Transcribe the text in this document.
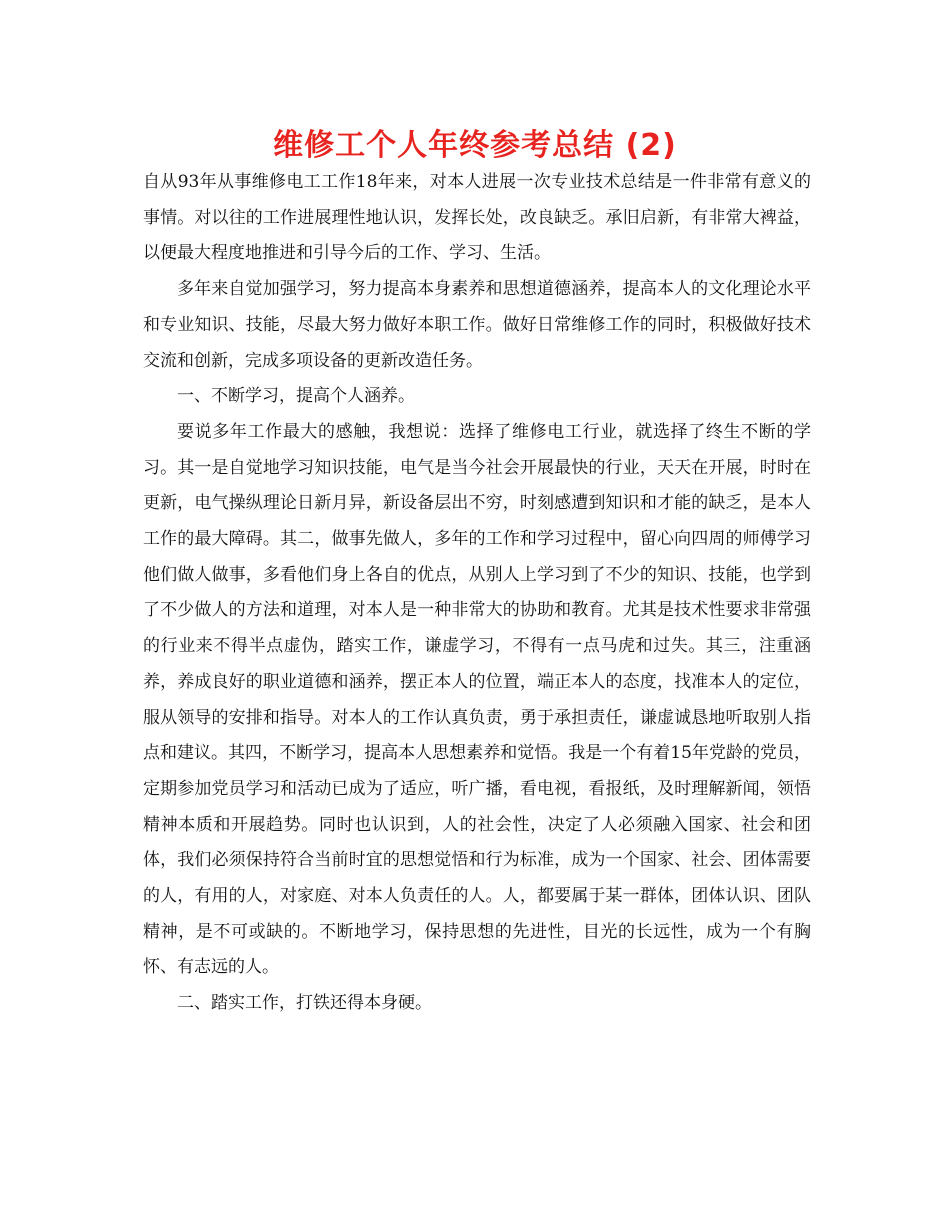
维修工个人年终参考总结 (2)

自从93年从事维修电工工作18年来，对本人进展一次专业技术总结是一件非常有意义的事情。对以往的工作进展理性地认识，发挥长处，改良缺乏。承旧启新，有非常大裨益，以便最大程度地推进和引导今后的工作、学习、生活。

多年来自觉加强学习，努力提高本身素养和思想道德涵养，提高本人的文化理论水平和专业知识、技能，尽最大努力做好本职工作。做好日常维修工作的同时，积极做好技术交流和创新，完成多项设备的更新改造任务。

一、不断学习，提高个人涵养。

要说多年工作最大的感触，我想说：选择了维修电工行业，就选择了终生不断的学习。其一是自觉地学习知识技能，电气是当今社会开展最快的行业，天天在开展，时时在更新，电气操纵理论日新月异，新设备层出不穷，时刻感遭到知识和才能的缺乏，是本人工作的最大障碍。其二，做事先做人，多年的工作和学习过程中，留心向四周的师傅学习他们做人做事，多看他们身上各自的优点，从别人上学习到了不少的知识、技能，也学到了不少做人的方法和道理，对本人是一种非常大的协助和教育。尤其是技术性要求非常强的行业来不得半点虚伪，踏实工作，谦虚学习，不得有一点马虎和过失。其三，注重涵养，养成良好的职业道德和涵养，摆正本人的位置，端正本人的态度，找准本人的定位，服从领导的安排和指导。对本人的工作认真负责，勇于承担责任，谦虚诚恳地听取别人指点和建议。其四，不断学习，提高本人思想素养和觉悟。我是一个有着15年党龄的党员，定期参加党员学习和活动已成为了适应，听广播，看电视，看报纸，及时理解新闻，领悟精神本质和开展趋势。同时也认识到，人的社会性，决定了人必须融入国家、社会和团体，我们必须保持符合当前时宜的思想觉悟和行为标准，成为一个国家、社会、团体需要的人，有用的人，对家庭、对本人负责任的人。人，都要属于某一群体，团体认识、团队精神，是不可或缺的。不断地学习，保持思想的先进性，目光的长远性，成为一个有胸怀、有志远的人。

二、踏实工作，打铁还得本身硬。
